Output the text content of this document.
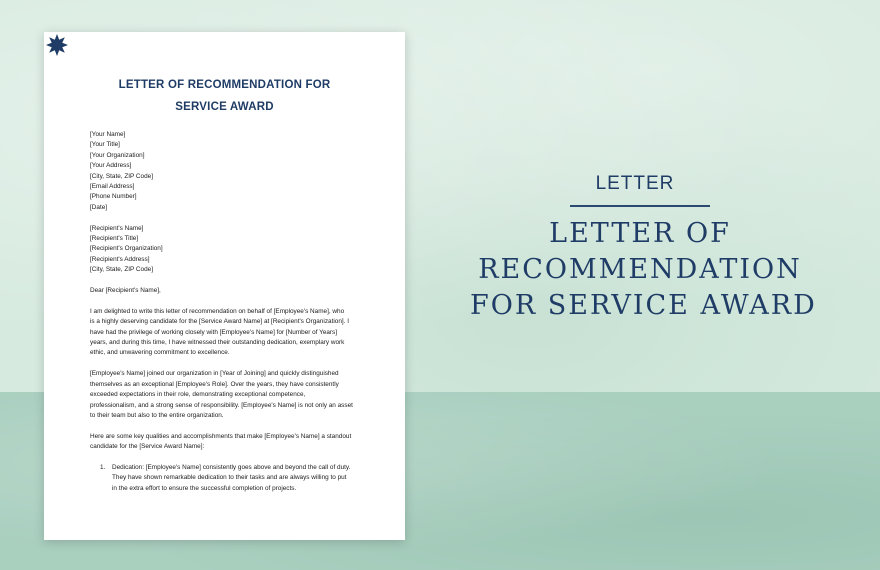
LETTER OF RECOMMENDATION FOR
SERVICE AWARD
[Your Name]
[Your Title]
[Your Organization]
[Your Address]
[City, State, ZIP Code]
[Email Address]
[Phone Number]
[Date]
[Recipient's Name]
[Recipient's Title]
[Recipient's Organization]
[Recipient's Address]
[City, State, ZIP Code]
Dear [Recipient's Name],
I am delighted to write this letter of recommendation on behalf of [Employee's Name], who
is a highly deserving candidate for the [Service Award Name] at [Recipient's Organization]. I
have had the privilege of working closely with [Employee's Name] for [Number of Years]
years, and during this time, I have witnessed their outstanding dedication, exemplary work
ethic, and unwavering commitment to excellence.
[Employee's Name] joined our organization in [Year of Joining] and quickly distinguished
themselves as an exceptional [Employee's Role]. Over the years, they have consistently
exceeded expectations in their role, demonstrating exceptional competence,
professionalism, and a strong sense of responsibility. [Employee's Name] is not only an asset
to their team but also to the entire organization.
Here are some key qualities and accomplishments that make [Employee's Name] a standout
candidate for the [Service Award Name]:
1. Dedication: [Employee's Name] consistently goes above and beyond the call of duty.
They have shown remarkable dedication to their tasks and are always willing to put
in the extra effort to ensure the successful completion of projects.
LETTER
LETTER OF
RECOMMENDATION
FOR SERVICE AWARD
